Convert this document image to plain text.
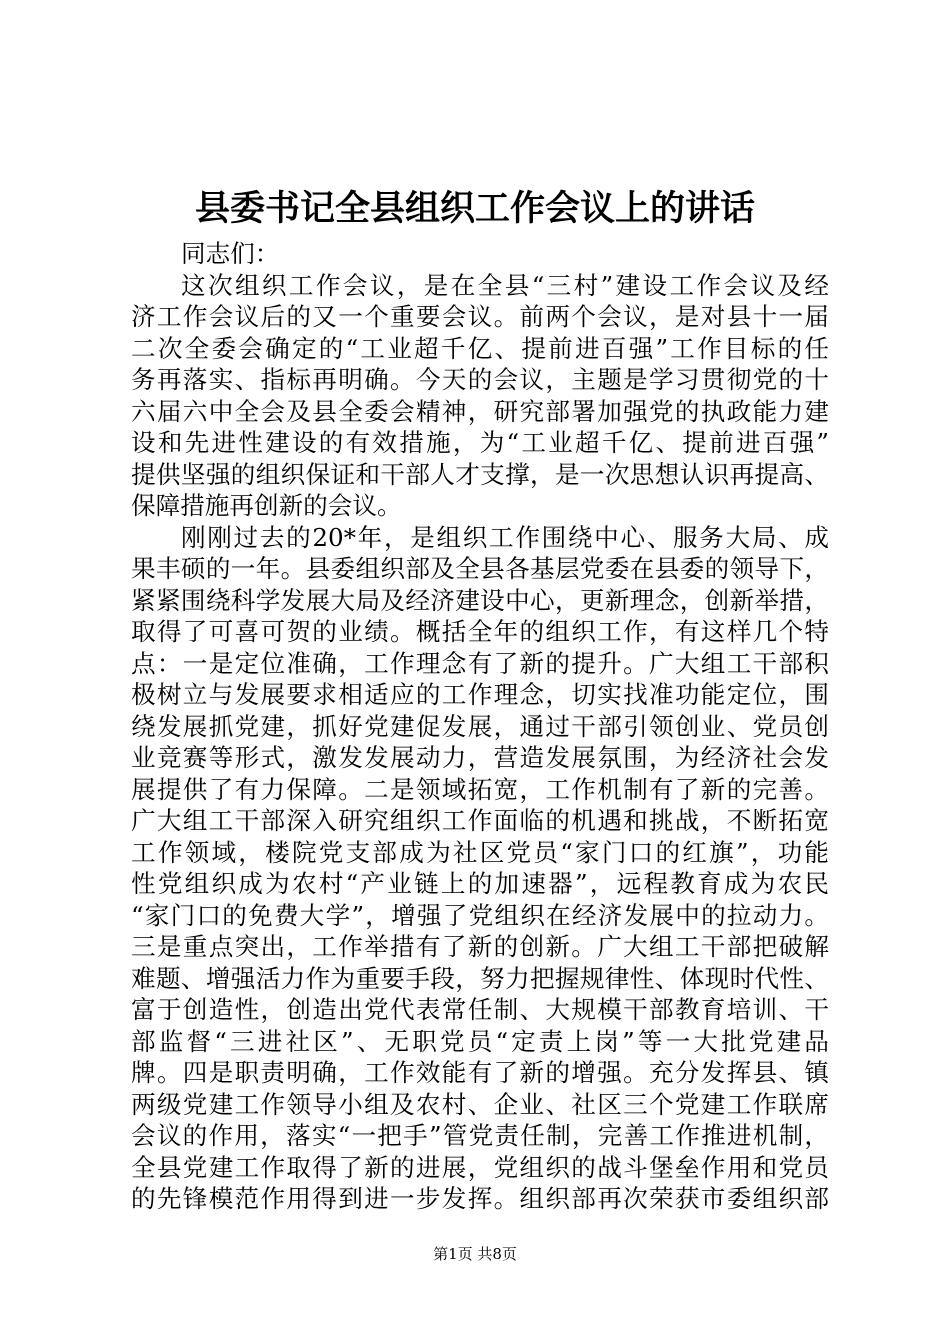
县委书记全县组织工作会议上的讲话
同志们：
这次组织工作会议，是在全县“三村”建设工作会议及经
济工作会议后的又一个重要会议。前两个会议，是对县十一届
二次全委会确定的“工业超千亿、提前进百强”工作目标的任
务再落实、指标再明确。今天的会议，主题是学习贯彻党的十
六届六中全会及县全委会精神，研究部署加强党的执政能力建
设和先进性建设的有效措施，为“工业超千亿、提前进百强”
提供坚强的组织保证和干部人才支撑，是一次思想认识再提高、
保障措施再创新的会议。
刚刚过去的20*年，是组织工作围绕中心、服务大局、成
果丰硕的一年。县委组织部及全县各基层党委在县委的领导下，
紧紧围绕科学发展大局及经济建设中心，更新理念，创新举措，
取得了可喜可贺的业绩。概括全年的组织工作，有这样几个特
点：一是定位准确，工作理念有了新的提升。广大组工干部积
极树立与发展要求相适应的工作理念，切实找准功能定位，围
绕发展抓党建，抓好党建促发展，通过干部引领创业、党员创
业竞赛等形式，激发发展动力，营造发展氛围，为经济社会发
展提供了有力保障。二是领域拓宽，工作机制有了新的完善。
广大组工干部深入研究组织工作面临的机遇和挑战，不断拓宽
工作领域，楼院党支部成为社区党员“家门口的红旗”，功能
性党组织成为农村“产业链上的加速器”，远程教育成为农民
“家门口的免费大学”，增强了党组织在经济发展中的拉动力。
三是重点突出，工作举措有了新的创新。广大组工干部把破解
难题、增强活力作为重要手段，努力把握规律性、体现时代性、
富于创造性，创造出党代表常任制、大规模干部教育培训、干
部监督“三进社区”、无职党员“定责上岗”等一大批党建品
牌。四是职责明确，工作效能有了新的增强。充分发挥县、镇
两级党建工作领导小组及农村、企业、社区三个党建工作联席
会议的作用，落实“一把手”管党责任制，完善工作推进机制，
全县党建工作取得了新的进展，党组织的战斗堡垒作用和党员
的先锋模范作用得到进一步发挥。组织部再次荣获市委组织部
第1页 共8页
